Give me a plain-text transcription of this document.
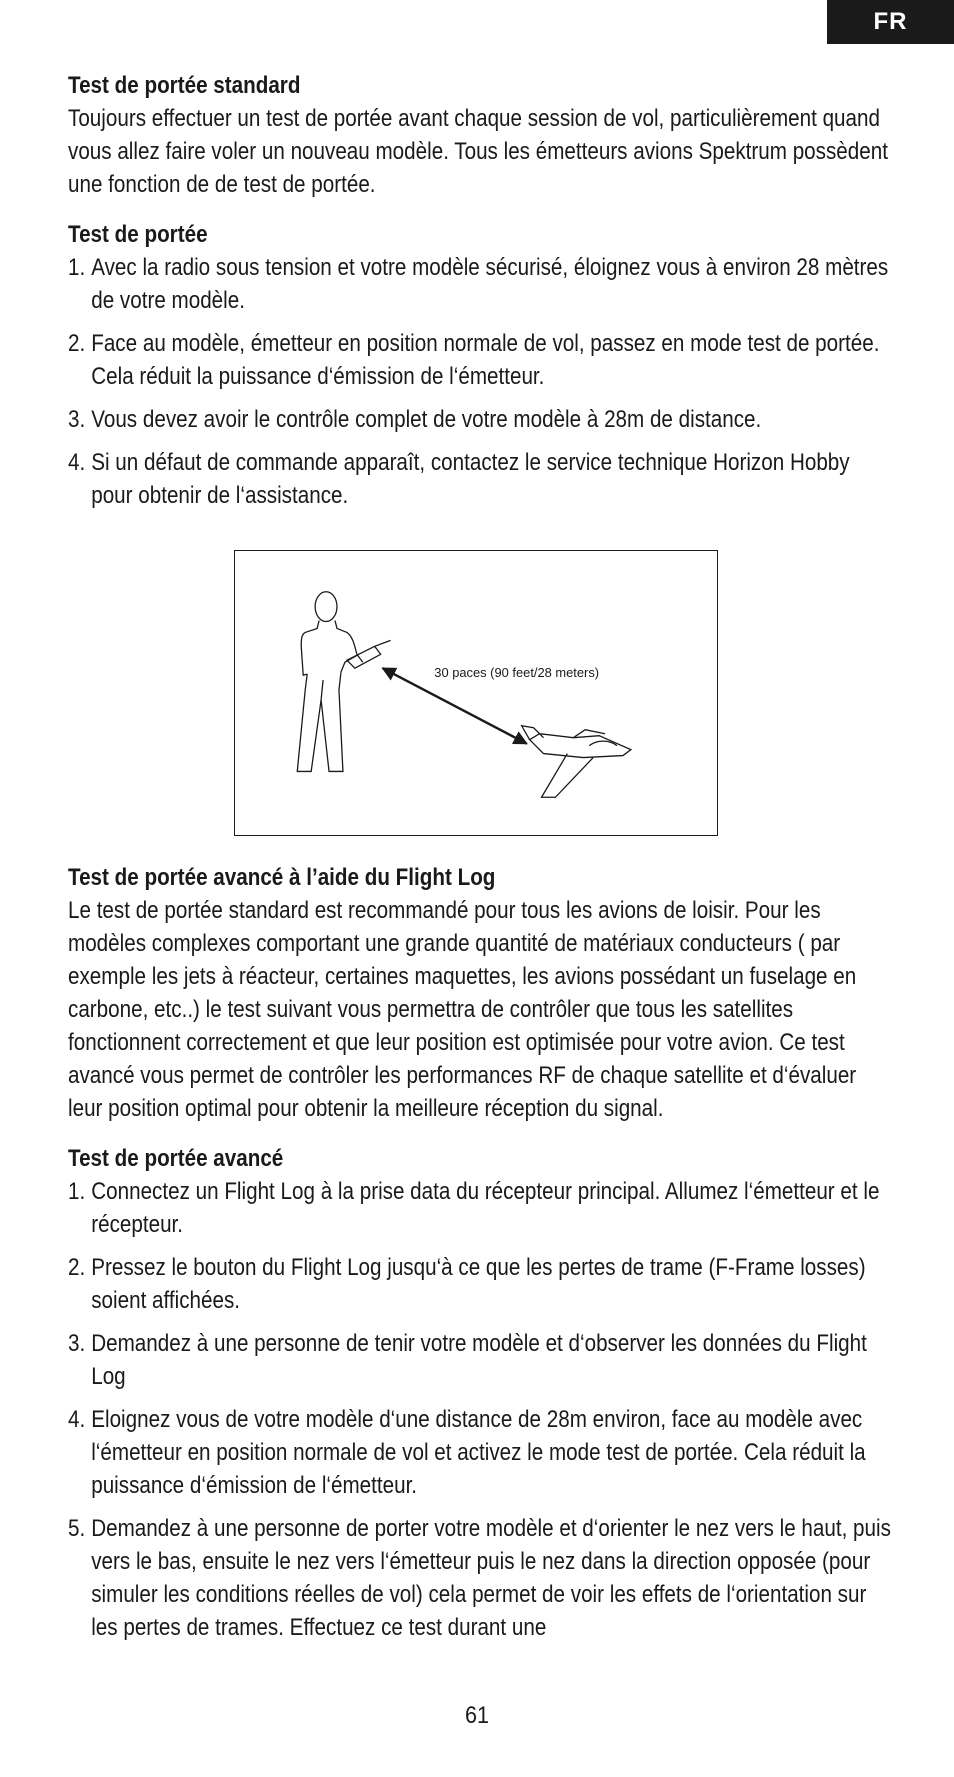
FR
Test de portée standard

Toujours effectuer un test de portée avant chaque session de vol, particulièrement quand vous allez faire voler un nouveau modèle. Tous les émetteurs avions Spektrum possèdent une fonction de de test de portée.

Test de portée
1. Avec la radio sous tension et votre modèle sécurisé, éloignez vous à environ 28 mètres de votre modèle.
2. Face au modèle, émetteur en position normale de vol, passez en mode test de portée. Cela réduit la puissance d‘émission de l‘émetteur.
3. Vous devez avoir le contrôle complet de votre modèle à 28m de distance.
4. Si un défaut de commande apparaît, contactez le service technique Horizon Hobby pour obtenir de l‘assistance.
30 paces (90 feet/28 meters)
Test de portée avancé à l’aide du Flight Log

Le test de portée standard est recommandé pour tous les avions de loisir. Pour les modèles complexes comportant une grande quantité de matériaux conducteurs ( par exemple les jets à réacteur, certaines maquettes, les avions possédant un fuselage en carbone, etc..) le test suivant vous permettra de contrôler que tous les satellites fonctionnent correctement et que leur position est optimisée pour votre avion. Ce test avancé vous permet de contrôler les performances RF de chaque satellite et d‘évaluer leur position optimal pour obtenir la meilleure réception du signal.

Test de portée avancé
1. Connectez un Flight Log à la prise data du récepteur principal. Allumez l‘émetteur et le récepteur.
2. Pressez le bouton du Flight Log jusqu‘à ce que les pertes de trame (F-Frame losses) soient affichées.
3. Demandez à une personne de tenir votre modèle et d‘observer les données du Flight Log
4. Eloignez vous de votre modèle d‘une distance de 28m environ, face au modèle avec l‘émetteur en position normale de vol et activez le mode test de portée. Cela réduit la puissance d‘émission de l‘émetteur.
5. Demandez à une personne de porter votre modèle et d‘orienter le nez vers le haut, puis vers le bas, ensuite le nez vers l‘émetteur puis le nez dans la direction opposée (pour simuler les conditions réelles de vol) cela permet de voir les effets de l‘orientation sur les pertes de trames. Effectuez ce test durant une
61
